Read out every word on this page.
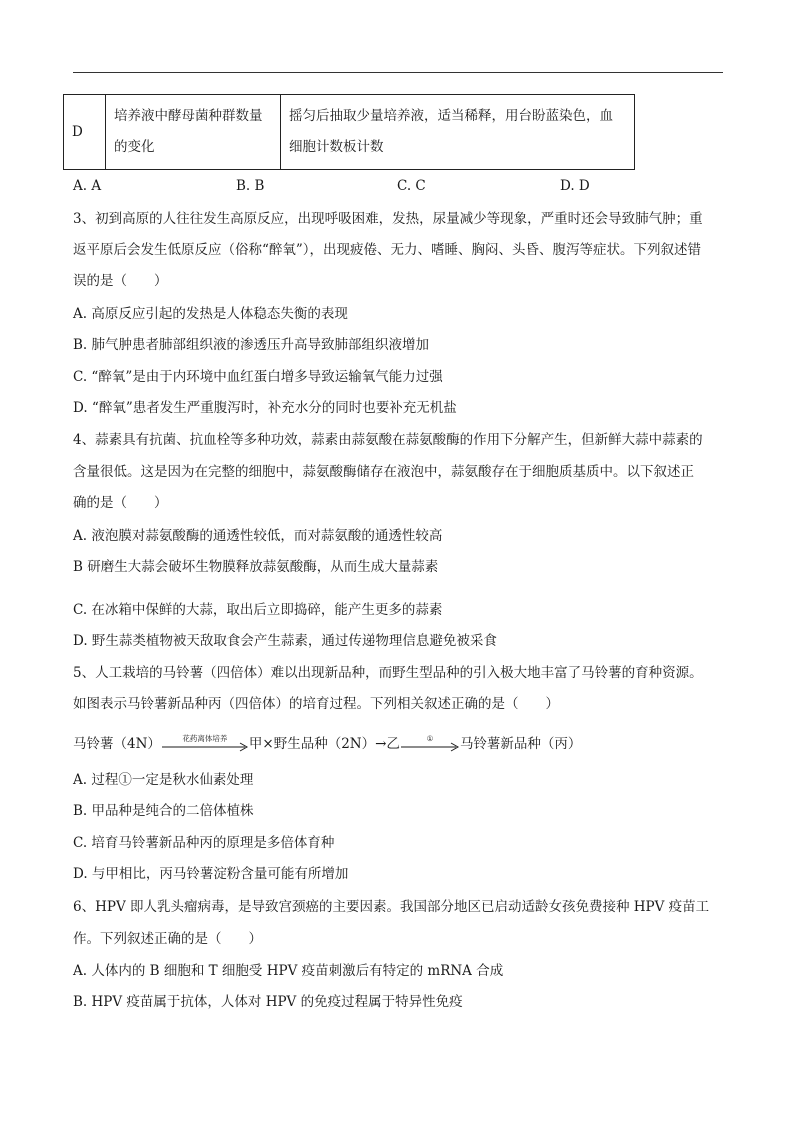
D	培养液中酵母菌种群数量的变化	摇匀后抽取少量培养液，适当稀释，用台盼蓝染色，血细胞计数板计数
A. A	B. B	C. C	D. D
3、初到高原的人往往发生高原反应，出现呼吸困难，发热，尿量减少等现象，严重时还会导致肺气肿；重
返平原后会发生低原反应（俗称“醉氧”），出现疲倦、无力、嗜睡、胸闷、头昏、腹泻等症状。下列叙述错
误的是（　　）
A. 高原反应引起的发热是人体稳态失衡的表现
B. 肺气肿患者肺部组织液的渗透压升高导致肺部组织液增加
C. “醉氧”是由于内环境中血红蛋白增多导致运输氧气能力过强
D. “醉氧”患者发生严重腹泻时，补充水分的同时也要补充无机盐
4、蒜素具有抗菌、抗血栓等多种功效，蒜素由蒜氨酸在蒜氨酸酶的作用下分解产生，但新鲜大蒜中蒜素的
含量很低。这是因为在完整的细胞中，蒜氨酸酶储存在液泡中，蒜氨酸存在于细胞质基质中。以下叙述正
确的是（　　）
A. 液泡膜对蒜氨酸酶的通透性较低，而对蒜氨酸的通透性较高
B 研磨生大蒜会破坏生物膜释放蒜氨酸酶，从而生成大量蒜素
C. 在冰箱中保鲜的大蒜，取出后立即捣碎，能产生更多的蒜素
D. 野生蒜类植物被天敌取食会产生蒜素，通过传递物理信息避免被采食
5、人工栽培的马铃薯（四倍体）难以出现新品种，而野生型品种的引入极大地丰富了马铃薯的育种资源。
如图表示马铃薯新品种丙（四倍体）的培育过程。下列相关叙述正确的是（　　）
马铃薯（4N）	花药离体培养	甲×野生品种（2N）→乙	①	马铃薯新品种（丙）
A. 过程①一定是秋水仙素处理
B. 甲品种是纯合的二倍体植株
C. 培育马铃薯新品种丙的原理是多倍体育种
D. 与甲相比，丙马铃薯淀粉含量可能有所增加
6、HPV 即人乳头瘤病毒，是导致宫颈癌的主要因素。我国部分地区已启动适龄女孩免费接种 HPV 疫苗工
作。下列叙述正确的是（　　）
A. 人体内的 B 细胞和 T 细胞受 HPV 疫苗刺激后有特定的 mRNA 合成
B. HPV 疫苗属于抗体，人体对 HPV 的免疫过程属于特异性免疫
